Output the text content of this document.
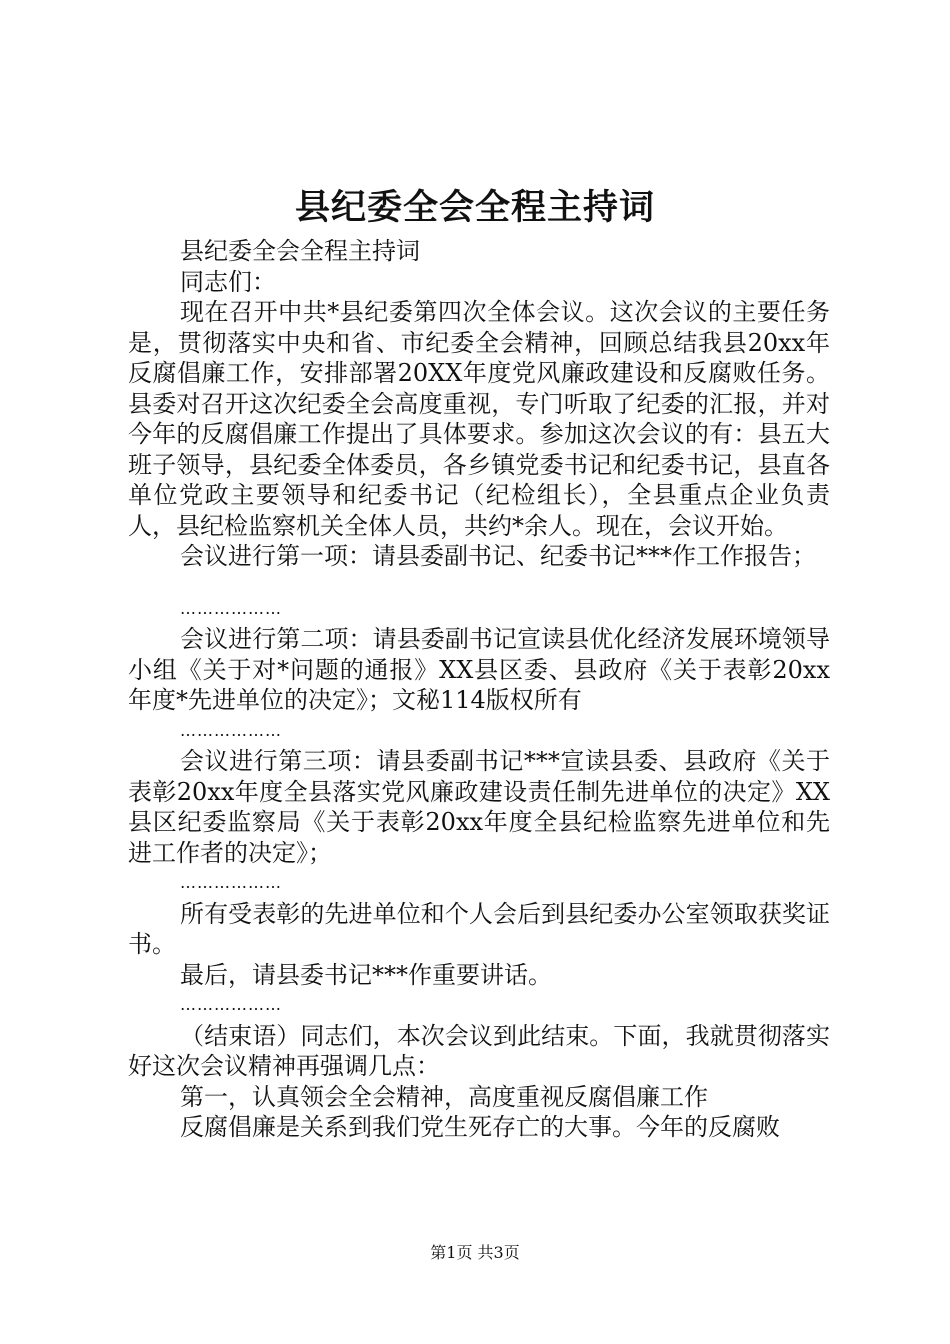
县纪委全会全程主持词

县纪委全会全程主持词

同志们：

现在召开中共*县纪委第四次全体会议。这次会议的主要任务是，贯彻落实中央和省、市纪委全会精神，回顾总结我县20xx年反腐倡廉工作，安排部署20XX年度党风廉政建设和反腐败任务。县委对召开这次纪委全会高度重视，专门听取了纪委的汇报，并对今年的反腐倡廉工作提出了具体要求。参加这次会议的有：县五大班子领导，县纪委全体委员，各乡镇党委书记和纪委书记，县直各单位党政主要领导和纪委书记（纪检组长），全县重点企业负责人，县纪检监察机关全体人员，共约*余人。现在，会议开始。

会议进行第一项：请县委副书记、纪委书记***作工作报告；

………………

会议进行第二项：请县委副书记宣读县优化经济发展环境领导小组《关于对*问题的通报》XX县区委、县政府《关于表彰20xx年度*先进单位的决定》；文秘114版权所有

………………

会议进行第三项：请县委副书记***宣读县委、县政府《关于表彰20xx年度全县落实党风廉政建设责任制先进单位的决定》XX县区纪委监察局《关于表彰20xx年度全县纪检监察先进单位和先进工作者的决定》；

………………

所有受表彰的先进单位和个人会后到县纪委办公室领取获奖证书。

最后，请县委书记***作重要讲话。

………………

（结束语）同志们，本次会议到此结束。下面，我就贯彻落实好这次会议精神再强调几点：

第一，认真领会全会精神，高度重视反腐倡廉工作

反腐倡廉是关系到我们党生死存亡的大事。今年的反腐败

第1页 共3页
